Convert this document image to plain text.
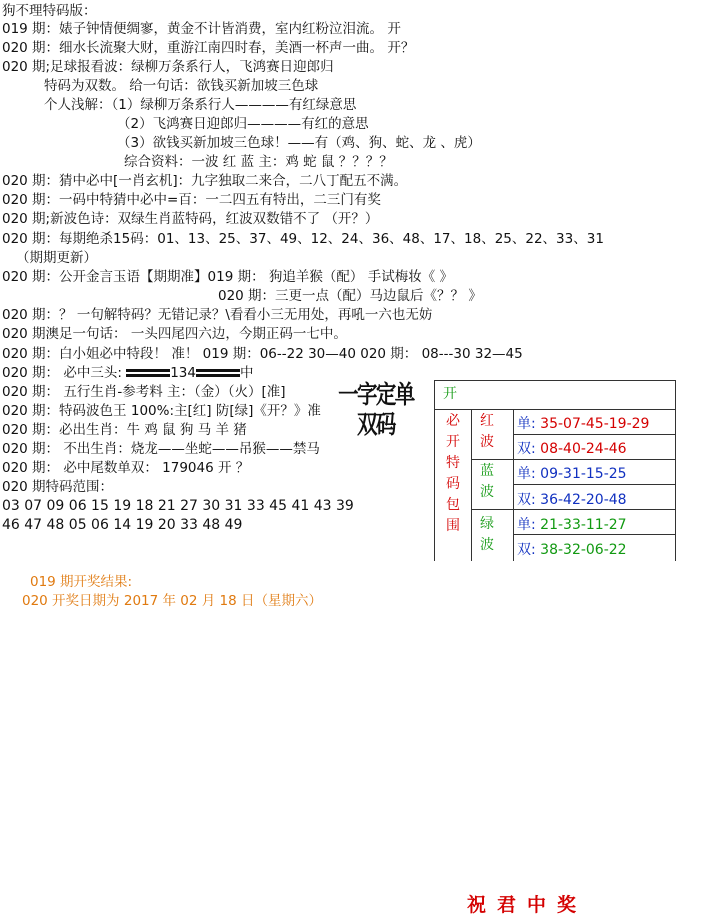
狗不理特码版：
019 期：婊子钟情便绸寥，黄金不计皆消费，室内红粉泣泪流。 开
020 期：细水长流聚大财，重游江南四时春，美酒一杯声一曲。 开？
020 期;足球报看波：绿柳万条系行人，飞鸿赛日迎郎归
特码为双数。 给一句话：欲钱买新加坡三色球
个人浅解：（1）绿柳万条系行人————有红绿意思
（2）飞鸿赛日迎郎归————有红的意思
（3）欲钱买新加坡三色球！——有（鸡、狗、蛇、龙 、虎）
综合资料：一波 红 蓝 主：鸡 蛇 鼠 ？？？？
020 期：猜中必中[一肖玄机]：九字独取二来合，二八丁配五不满。
020 期：一码中特猜中必中=百：一二四五有特出，二三门有奖
020 期;新波色诗：双绿生肖蓝特码，红波双数错不了 （开？）
020 期：每期绝杀15码：01、13、25、37、49、12、24、36、48、17、18、25、22、33、31
（期期更新）
020 期：公开金言玉语【期期准】019 期： 狗追羊猴（配） 手试梅妆《 》
020 期：三更一点（配）马边鼠后《？？ 》
020 期：？ 一句解特码？无错记录？\看看小三无用处，再吼一六也无妨
020 期澳足一句话： 一头四尾四六边，今期正码一七中。
020 期：白小姐必中特段！ 准！ 019 期：06--22 30—40 020 期： 08---30 32—45
020 期： 必中三头:	134	中
020 期： 五行生肖-参考料 主：（金）（火）[准]
020 期：特码波色王 100%:主[红] 防[绿]《开？》准
020 期：必出生肖：牛 鸡 鼠 狗 马 羊 猪
020 期： 不出生肖：烧龙——坐蛇——吊猴——禁马
020 期： 必中尾数单双： 179046 开 ？
020 期特码范围：
03 07 09 06 15 19 18 21 27 30 31 33 45 41 43 39
46 47 48 05 06 14 19 20 33 48 49
一字定单双码
开
必
开
特
码
包
围
红
波
蓝
波
绿
波
单: 35-07-45-19-29
双: 08-40-24-46
单: 09-31-15-25
双: 36-42-20-48
单: 21-33-11-27
双: 38-32-06-22
019 期开奖结果:
020 开奖日期为 2017 年 02 月 18 日（星期六）
祝君中奖
